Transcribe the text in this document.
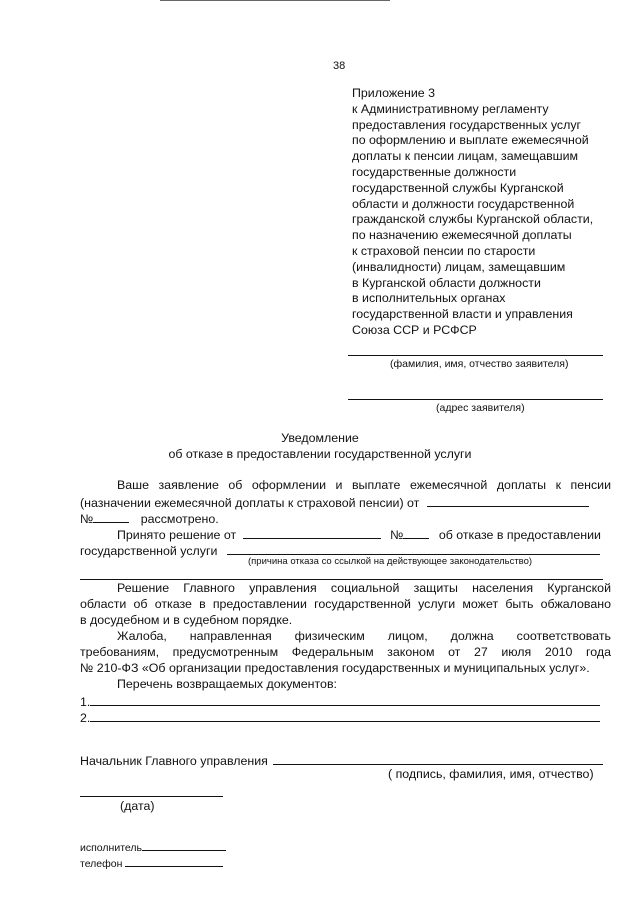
38
Приложение 3
к Административному регламенту
предоставления государственных услуг
по оформлению и выплате ежемесячной
доплаты к пенсии лицам, замещавшим
государственные должности
государственной службы Курганской
области и должности государственной
гражданской службы Курганской области,
по назначению ежемесячной доплаты
к страховой пенсии по старости
(инвалидности) лицам, замещавшим
в Курганской области должности
в исполнительных органах
государственной власти и управления
Союза ССР и РСФСР
(фамилия, имя, отчество заявителя)
(адрес заявителя)
Уведомление
об отказе в предоставлении государственной услуги
Ваше заявление об оформлении и выплате ежемесячной доплаты к пенсии
(назначении ежемесячной доплаты к страховой пенсии) от
№	рассмотрено.
Принято решение от	№	об отказе в предоставлении
государственной услуги
(причина отказа со ссылкой на действующее законодательство)
Решение Главного управления социальной защиты населения Курганской
области об отказе в предоставлении государственной услуги может быть обжаловано
в досудебном и в судебном порядке.
Жалоба, направленная физическим лицом, должна соответствовать
требованиям, предусмотренным Федеральным законом от 27 июля 2010 года
№ 210-ФЗ «Об организации предоставления государственных и муниципальных услуг».
Перечень возвращаемых документов:
1.
2.
Начальник Главного управления
( подпись, фамилия, имя, отчество)
(дата)
исполнитель
телефон
